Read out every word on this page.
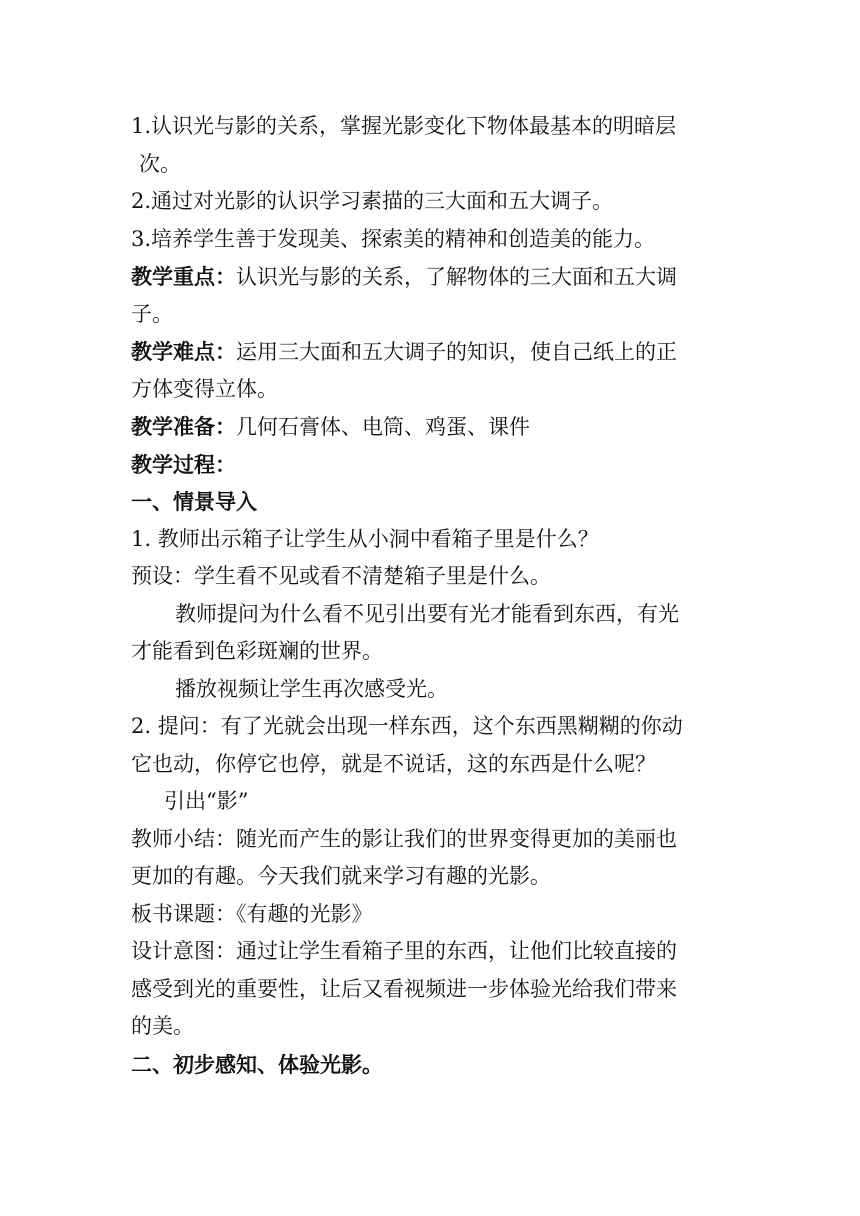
1.认识光与影的关系，掌握光影变化下物体最基本的明暗层
次。
2.通过对光影的认识学习素描的三大面和五大调子。
3.培养学生善于发现美、探索美的精神和创造美的能力。
教学重点：认识光与影的关系，了解物体的三大面和五大调
子。
教学难点：运用三大面和五大调子的知识，使自己纸上的正
方体变得立体。
教学准备：几何石膏体、电筒、鸡蛋、课件
教学过程：
一、情景导入
1. 教师出示箱子让学生从小洞中看箱子里是什么？
预设：学生看不见或看不清楚箱子里是什么。
教师提问为什么看不见引出要有光才能看到东西，有光
才能看到色彩斑斓的世界。
播放视频让学生再次感受光。
2. 提问：有了光就会出现一样东西，这个东西黑糊糊的你动
它也动，你停它也停，就是不说话，这的东西是什么呢？
引出“影”
教师小结：随光而产生的影让我们的世界变得更加的美丽也
更加的有趣。今天我们就来学习有趣的光影。
板书课题：《有趣的光影》
设计意图：通过让学生看箱子里的东西，让他们比较直接的
感受到光的重要性，让后又看视频进一步体验光给我们带来
的美。
二、初步感知、体验光影。
